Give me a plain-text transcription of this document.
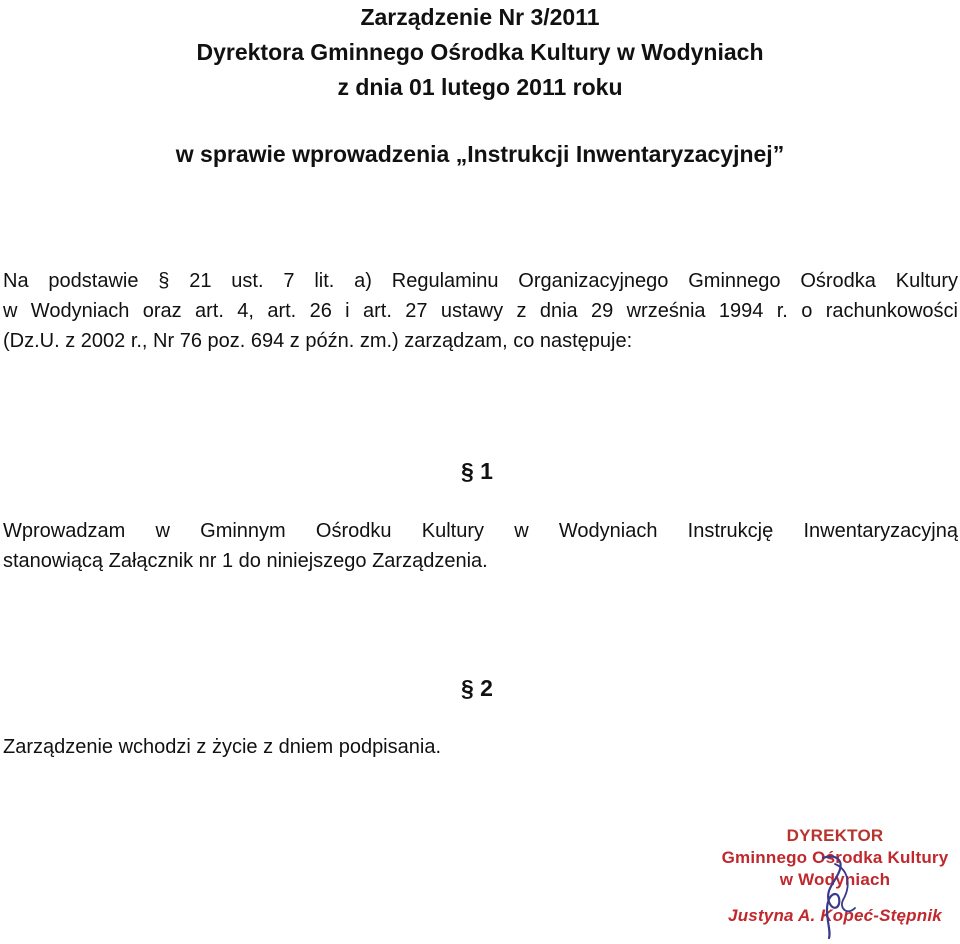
Zarządzenie Nr 3/2011
Dyrektora Gminnego Ośrodka Kultury w Wodyniach
z dnia 01 lutego 2011 roku
w sprawie wprowadzenia „Instrukcji Inwentaryzacyjnej”
Na podstawie § 21 ust. 7 lit. a) Regulaminu Organizacyjnego Gminnego Ośrodka Kultury
w Wodyniach oraz art. 4, art. 26 i art. 27 ustawy z dnia 29 września 1994 r. o rachunkowości
(Dz.U. z 2002 r., Nr 76 poz. 694 z późn. zm.) zarządzam, co następuje:
§ 1
Wprowadzam w Gminnym Ośrodku Kultury w Wodyniach Instrukcję Inwentaryzacyjną
stanowiącą Załącznik nr 1 do niniejszego Zarządzenia.
§ 2
Zarządzenie wchodzi z życie z dniem podpisania.
DYREKTOR
Gminnego Ośrodka Kultury
w Wodyniach
Justyna A. Kopeć-Stępnik
